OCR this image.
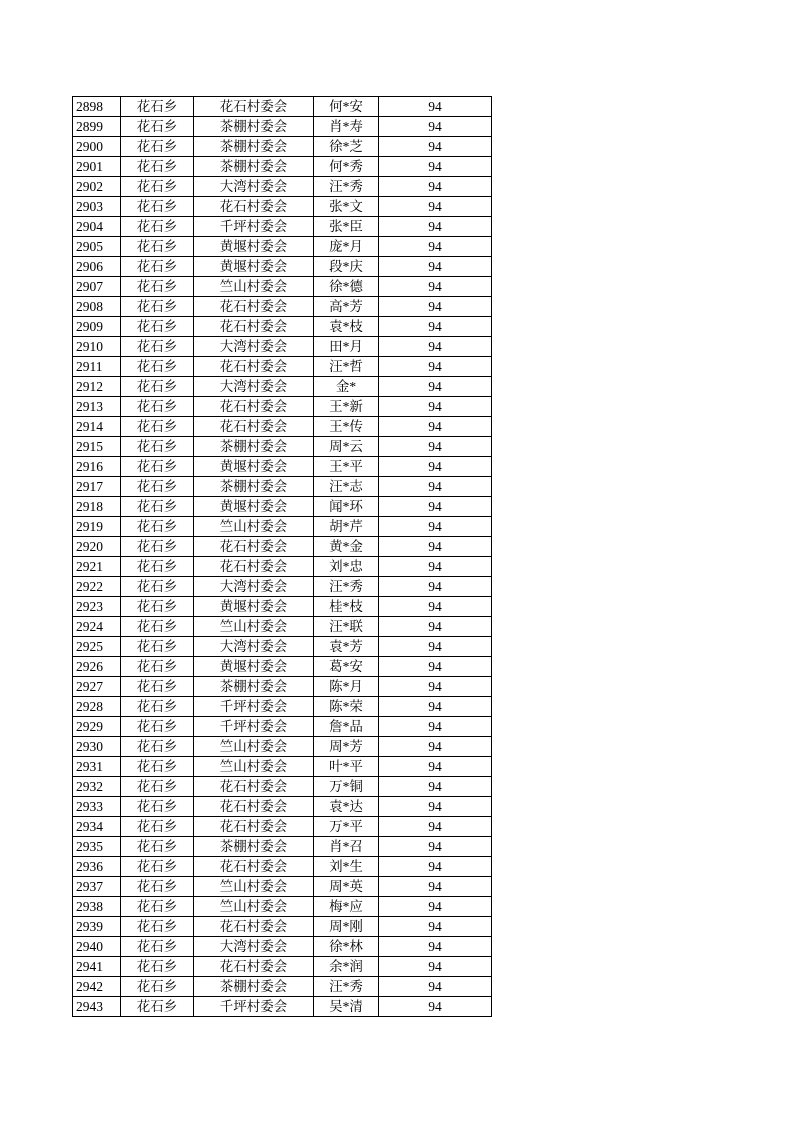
2898	花石乡	花石村委会	何*安	94
2899	花石乡	茶棚村委会	肖*寿	94
2900	花石乡	茶棚村委会	徐*芝	94
2901	花石乡	茶棚村委会	何*秀	94
2902	花石乡	大湾村委会	汪*秀	94
2903	花石乡	花石村委会	张*文	94
2904	花石乡	千坪村委会	张*臣	94
2905	花石乡	黄堰村委会	庞*月	94
2906	花石乡	黄堰村委会	段*庆	94
2907	花石乡	竺山村委会	徐*德	94
2908	花石乡	花石村委会	高*芳	94
2909	花石乡	花石村委会	袁*枝	94
2910	花石乡	大湾村委会	田*月	94
2911	花石乡	花石村委会	汪*哲	94
2912	花石乡	大湾村委会	金*	94
2913	花石乡	花石村委会	王*新	94
2914	花石乡	花石村委会	王*传	94
2915	花石乡	茶棚村委会	周*云	94
2916	花石乡	黄堰村委会	王*平	94
2917	花石乡	茶棚村委会	汪*志	94
2918	花石乡	黄堰村委会	闻*环	94
2919	花石乡	竺山村委会	胡*芹	94
2920	花石乡	花石村委会	黄*金	94
2921	花石乡	花石村委会	刘*忠	94
2922	花石乡	大湾村委会	汪*秀	94
2923	花石乡	黄堰村委会	桂*枝	94
2924	花石乡	竺山村委会	汪*联	94
2925	花石乡	大湾村委会	袁*芳	94
2926	花石乡	黄堰村委会	葛*安	94
2927	花石乡	茶棚村委会	陈*月	94
2928	花石乡	千坪村委会	陈*荣	94
2929	花石乡	千坪村委会	詹*品	94
2930	花石乡	竺山村委会	周*芳	94
2931	花石乡	竺山村委会	叶*平	94
2932	花石乡	花石村委会	万*铜	94
2933	花石乡	花石村委会	袁*达	94
2934	花石乡	花石村委会	万*平	94
2935	花石乡	茶棚村委会	肖*召	94
2936	花石乡	花石村委会	刘*生	94
2937	花石乡	竺山村委会	周*英	94
2938	花石乡	竺山村委会	梅*应	94
2939	花石乡	花石村委会	周*刚	94
2940	花石乡	大湾村委会	徐*林	94
2941	花石乡	花石村委会	余*润	94
2942	花石乡	茶棚村委会	汪*秀	94
2943	花石乡	千坪村委会	吴*清	94
